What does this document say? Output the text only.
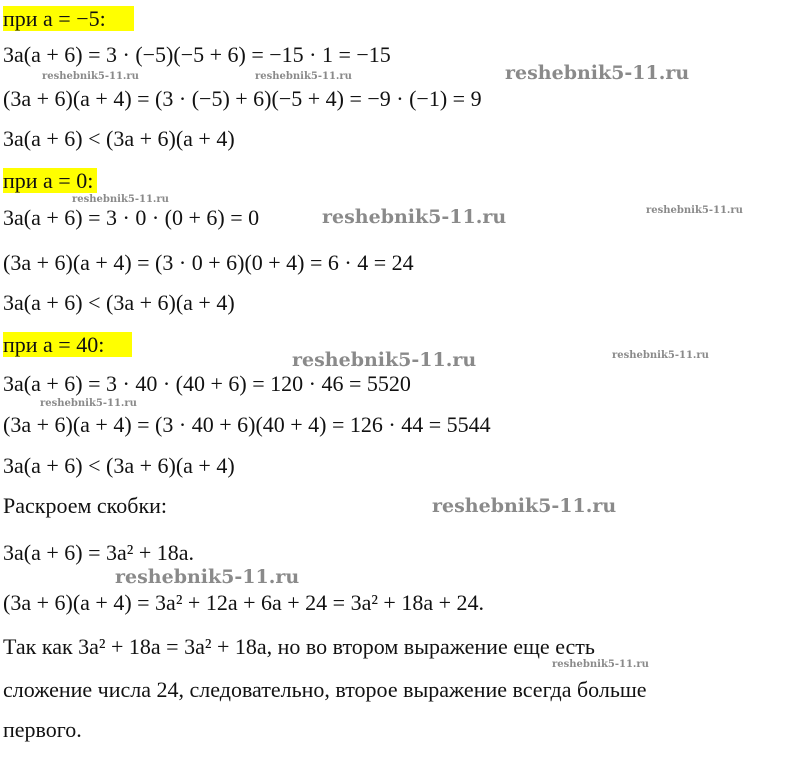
при a = −5:
3a(a + 6) = 3 · (−5)(−5 + 6) = −15 · 1 = −15
(3a + 6)(a + 4) = (3 · (−5) + 6)(−5 + 4) = −9 · (−1) = 9
3a(a + 6) < (3a + 6)(a + 4)
при a = 0:
3a(a + 6) = 3 · 0 · (0 + 6) = 0
(3a + 6)(a + 4) = (3 · 0 + 6)(0 + 4) = 6 · 4 = 24
3a(a + 6) < (3a + 6)(a + 4)
при a = 40:
3a(a + 6) = 3 · 40 · (40 + 6) = 120 · 46 = 5520
(3a + 6)(a + 4) = (3 · 40 + 6)(40 + 4) = 126 · 44 = 5544
3a(a + 6) < (3a + 6)(a + 4)
Раскроем скобки:
3a(a + 6) = 3a² + 18a.
(3a + 6)(a + 4) = 3a² + 12a + 6a + 24 = 3a² + 18a + 24.
Так как 3a² + 18a = 3a² + 18a, но во втором выражение еще есть
сложение числа 24, следовательно, второе выражение всегда больше
первого.
reshebnik5-11.ru	reshebnik5-11.ru	reshebnik5-11.ru
reshebnik5-11.ru
reshebnik5-11.ru	reshebnik5-11.ru
reshebnik5-11.ru	reshebnik5-11.ru
reshebnik5-11.ru
reshebnik5-11.ru
reshebnik5-11.ru
reshebnik5-11.ru
